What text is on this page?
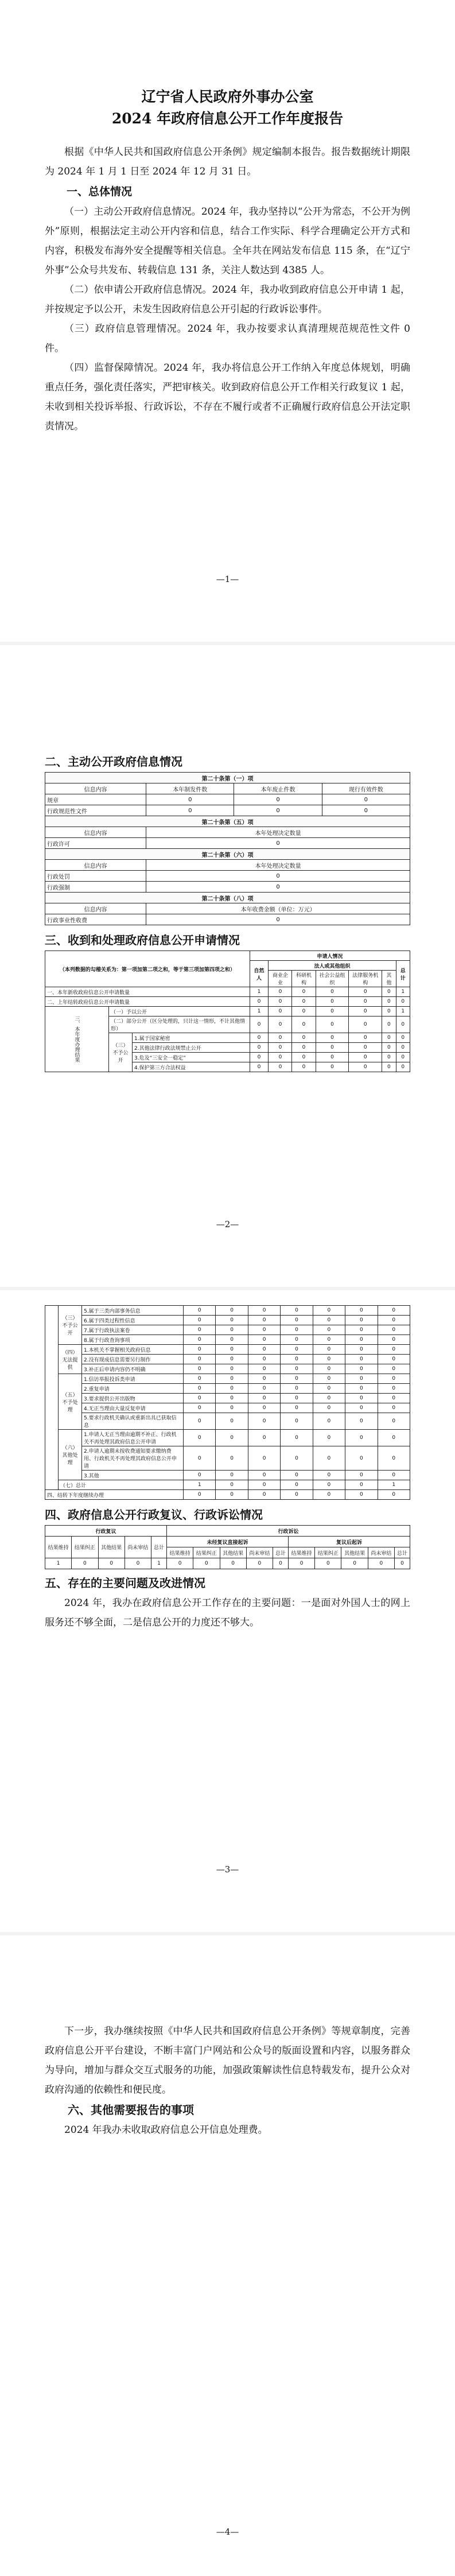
辽宁省人民政府外事办公室
2024 年政府信息公开工作年度报告

根据《中华人民共和国政府信息公开条例》规定编制本报告。报告数据统计期限为 2024 年 1 月 1 日至 2024 年 12 月 31 日。

一、总体情况

（一）主动公开政府信息情况。2024 年，我办坚持以“公开为常态，不公开为例外”原则，根据法定主动公开内容和信息，结合工作实际、科学合理确定公开方式和内容，积极发布海外安全提醒等相关信息。全年共在网站发布信息 115 条，在“辽宁外事”公众号共发布、转载信息 131 条，关注人数达到 4385 人。

（二）依申请公开政府信息情况。2024 年，我办收到政府信息公开申请 1 起，并按规定予以公开，未发生因政府信息公开引起的行政诉讼事件。

（三）政府信息管理情况。2024 年，我办按要求认真清理规范规范性文件 0 件。

（四）监督保障情况。2024 年，我办将信息公开工作纳入年度总体规划，明确重点任务，强化责任落实，严把审核关。收到政府信息公开工作相关行政复议 1 起，未收到相关投诉举报、行政诉讼，不存在不履行或者不正确履行政府信息公开法定职责情况。

—1—

二、主动公开政府信息情况

第二十条第（一）项			
信息内容	本年制发件数	本年废止件数	现行有效件数
规章	0	0	0
行政规范性文件	0	0	0
第二十条第（五）项			
信息内容	本年处理决定数量		
行政许可	0		
第二十条第（六）项			
信息内容	本年处理决定数量		
行政处罚	0		
行政强制	0		
第二十条第（八）项			
信息内容	本年收费金额（单位：万元）		
行政事业性收费	0		

三、收到和处理政府信息公开申请情况

（本列数据的勾稽关系为：第一项加第二项之和，等于第三项加第四项之和）			申请人情况						
			自然人	法人或其他组织					总计
				商业企业	科研机构	社会公益组织	法律服务机构	其他	
一、本年新收政府信息公开申请数量			1	0	0	0	0	0	1
二、上年结转政府信息公开申请数量			0	0	0	0	0	0	0
三、本年度办理结果	（一）予以公开		1	0	0	0	0	0	1
	（二）部分公开（区分处理的，只计这一情形，不计其他情形）		0	0	0	0	0	0	0
	（三）不予公开	1.属于国家秘密	0	0	0	0	0	0	0
		2.其他法律行政法规禁止公开	0	0	0	0	0	0	0
		3.危及“三安全一稳定”	0	0	0	0	0	0	0
		4.保护第三方合法权益	0	0	0	0	0	0	0
—2—
	（三）不予公开	5.属于三类内部事务信息	0	0	0	0	0	0	0
		6.属于四类过程性信息	0	0	0	0	0	0	0
		7.属于行政执法案卷	0	0	0	0	0	0	0
		8.属于行政查询事项	0	0	0	0	0	0	0
	（四）无法提供	1.本机关不掌握相关政府信息	0	0	0	0	0	0	0
		2.没有现成信息需要另行制作	0	0	0	0	0	0	0
		3.补正后申请内容仍不明确	0	0	0	0	0	0	0
	（五）不予处理	1.信访举报投诉类申请	0	0	0	0	0	0	0
		2.重复申请	0	0	0	0	0	0	0
		3.要求提供公开出版物	0	0	0	0	0	0	0
		4.无正当理由大量反复申请	0	0	0	0	0	0	0
		5.要求行政机关确认或重新出具已获取信息	0	0	0	0	0	0	0
	（六）其他处理	1.申请人无正当理由逾期不补正、行政机关不再处理其政府信息公开申请	0	0	0	0	0	0	0
		2.申请人逾期未按收费通知要求缴纳费用、行政机关不再处理其政府信息公开申请	0	0	0	0	0	0	0
		3.其他	0	0	0	0	0	0	0
	（七）总计		1	0	0	0	0	0	1
四、结转下年度继续办理			0	0	0	0	0	0	0

四、政府信息公开行政复议、行政诉讼情况

行政复议					行政诉讼									
结果维持	结果纠正	其他结果	尚未审结	总计	未经复议直接起诉					复议后起诉				
					结果维持	结果纠正	其他结果	尚未审结	总计	结果维持	结果纠正	其他结果	尚未审结	总计
1	0	0	0	1	0	0	0	0	0	0	0	0	0	0

五、存在的主要问题及改进情况

2024 年，我办在政府信息公开工作存在的主要问题：一是面对外国人士的网上服务还不够全面，二是信息公开的力度还不够大。

—3—

下一步，我办继续按照《中华人民共和国政府信息公开条例》等规章制度，完善政府信息公开平台建设，不断丰富门户网站和公众号的版面设置和内容，以服务群众为导向，增加与群众交互式服务的功能，加强政策解读性信息特载发布，提升公众对政府沟通的依赖性和便民度。

六、其他需要报告的事项

2024 年我办未收取政府信息公开信息处理费。

—4—
